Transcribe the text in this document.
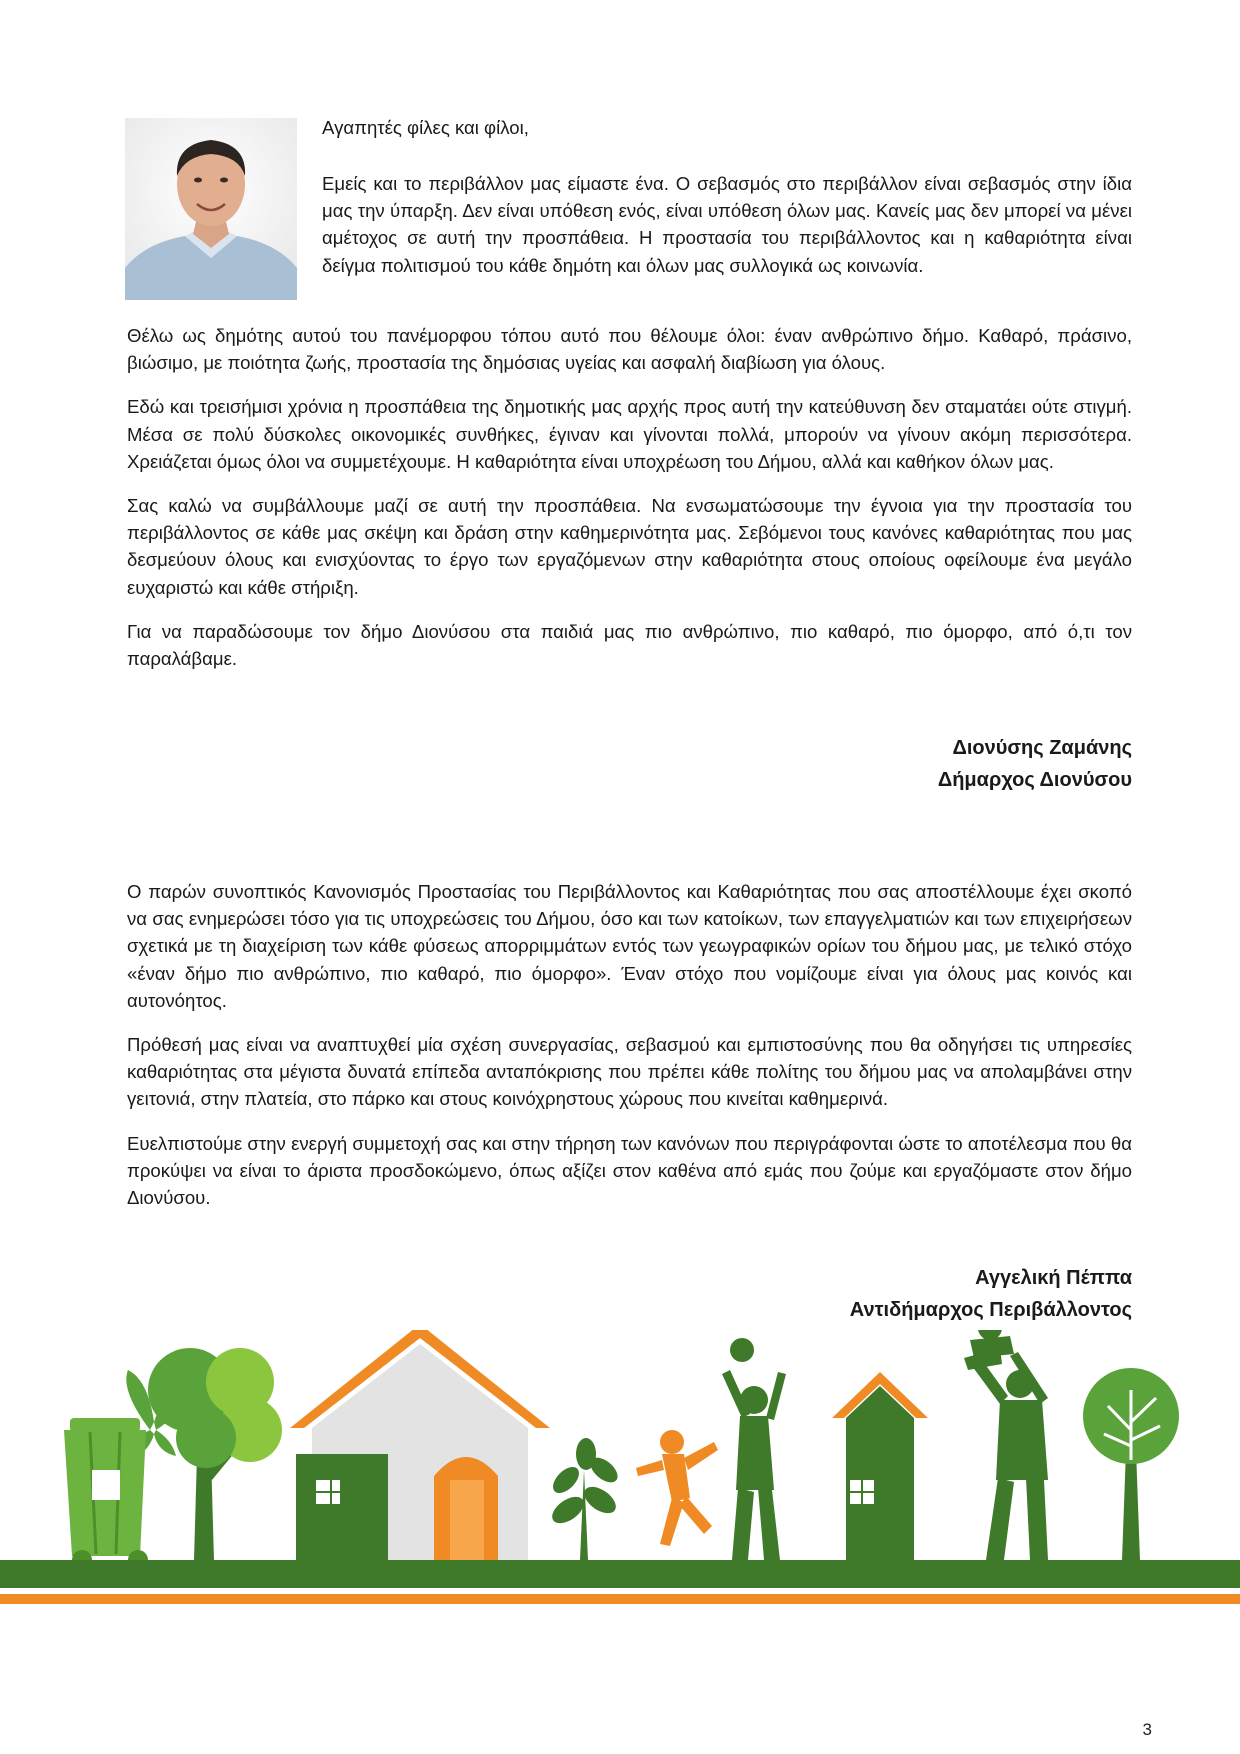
Αγαπητές φίλες και φίλοι,

Εμείς και το περιβάλλον μας είμαστε ένα. Ο σεβασμός στο περιβάλλον είναι σεβασμός στην ίδια μας την ύπαρξη. Δεν είναι υπόθεση ενός, είναι υπόθεση όλων μας. Κανείς μας δεν μπορεί να μένει αμέτοχος σε αυτή την προσπάθεια. Η προστασία του περιβάλλοντος και η καθαριότητα είναι δείγμα πολιτισμού του κάθε δημότη και όλων μας συλλογικά ως κοινωνία.

Θέλω ως δημότης αυτού του πανέμορφου τόπου αυτό που θέλουμε όλοι: έναν ανθρώπινο δήμο. Καθαρό, πράσινο, βιώσιμο, με ποιότητα ζωής, προστασία της δημόσιας υγείας και ασφαλή διαβίωση για όλους.

Εδώ και τρεισήμισι χρόνια η προσπάθεια της δημοτικής μας αρχής προς αυτή την κατεύθυνση δεν σταματάει ούτε στιγμή. Μέσα σε πολύ δύσκολες οικονομικές συνθήκες, έγιναν και γίνονται πολλά, μπορούν να γίνουν ακόμη περισσότερα. Χρειάζεται όμως όλοι να συμμετέχουμε. Η καθαριότητα είναι υποχρέωση του Δήμου, αλλά και καθήκον όλων μας.

Σας καλώ να συμβάλλουμε μαζί σε αυτή την προσπάθεια. Να ενσωματώσουμε την έγνοια για την προστασία του περιβάλλοντος σε κάθε μας σκέψη και δράση στην καθημερινότητα μας. Σεβόμενοι τους κανόνες καθαριότητας που μας δεσμεύουν όλους και ενισχύοντας το έργο των εργαζόμενων στην καθαριότητα στους οποίους οφείλουμε ένα μεγάλο ευχαριστώ και κάθε στήριξη.

Για να παραδώσουμε τον δήμο Διονύσου στα παιδιά μας πιο ανθρώπινο, πιο καθαρό, πιο όμορφο, από ό,τι τον παραλάβαμε.

Διονύσης Ζαμάνης
Δήμαρχος Διονύσου

Ο παρών συνοπτικός Κανονισμός Προστασίας του Περιβάλλοντος και Καθαριότητας που σας αποστέλλουμε έχει σκοπό να σας ενημερώσει τόσο για τις υποχρεώσεις του Δήμου, όσο και των κατοίκων, των επαγγελματιών και των επιχειρήσεων σχετικά με τη διαχείριση των κάθε φύσεως απορριμμάτων εντός των γεωγραφικών ορίων του δήμου μας, με τελικό στόχο «έναν δήμο πιο ανθρώπινο, πιο καθαρό, πιο όμορφο». Έναν στόχο που νομίζουμε είναι για όλους μας κοινός και αυτονόητος.

Πρόθεσή μας είναι να αναπτυχθεί μία σχέση συνεργασίας, σεβασμού και εμπιστοσύνης που θα οδηγήσει τις υπηρεσίες καθαριότητας στα μέγιστα δυνατά επίπεδα ανταπόκρισης που πρέπει κάθε πολίτης του δήμου μας να απολαμβάνει στην γειτονιά, στην πλατεία, στο πάρκο και στους κοινόχρηστους χώρους που κινείται καθημερινά.

Ευελπιστούμε στην ενεργή συμμετοχή σας και στην τήρηση των κανόνων που περιγράφονται ώστε το αποτέλεσμα που θα προκύψει να είναι το άριστα προσδοκώμενο, όπως αξίζει στον καθένα από εμάς που ζούμε και εργαζόμαστε στον δήμο Διονύσου.

Αγγελική Πέππα
Αντιδήμαρχος Περιβάλλοντος
3
